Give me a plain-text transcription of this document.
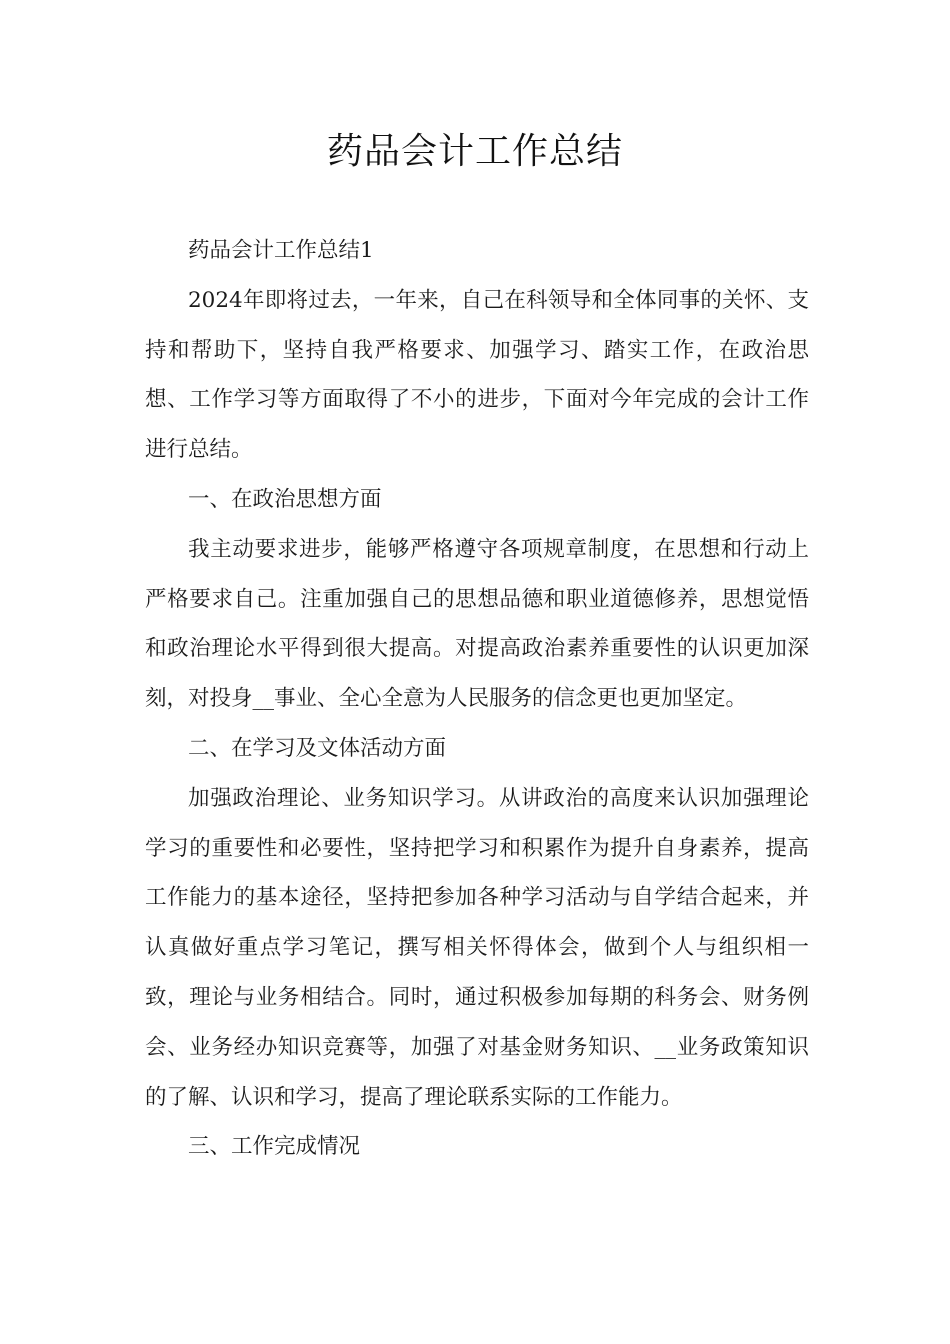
药品会计工作总结

药品会计工作总结1

2024年即将过去，一年来，自己在科领导和全体同事的关怀、支持和帮助下，坚持自我严格要求、加强学习、踏实工作，在政治思想、工作学习等方面取得了不小的进步，下面对今年完成的会计工作进行总结。

一、在政治思想方面

我主动要求进步，能够严格遵守各项规章制度，在思想和行动上严格要求自己。注重加强自己的思想品德和职业道德修养，思想觉悟和政治理论水平得到很大提高。对提高政治素养重要性的认识更加深刻，对投身__事业、全心全意为人民服务的信念更也更加坚定。

二、在学习及文体活动方面

加强政治理论、业务知识学习。从讲政治的高度来认识加强理论学习的重要性和必要性，坚持把学习和积累作为提升自身素养，提高工作能力的基本途径，坚持把参加各种学习活动与自学结合起来，并认真做好重点学习笔记，撰写相关怀得体会，做到个人与组织相一致，理论与业务相结合。同时，通过积极参加每期的科务会、财务例会、业务经办知识竞赛等，加强了对基金财务知识、__业务政策知识的了解、认识和学习，提高了理论联系实际的工作能力。

三、工作完成情况
